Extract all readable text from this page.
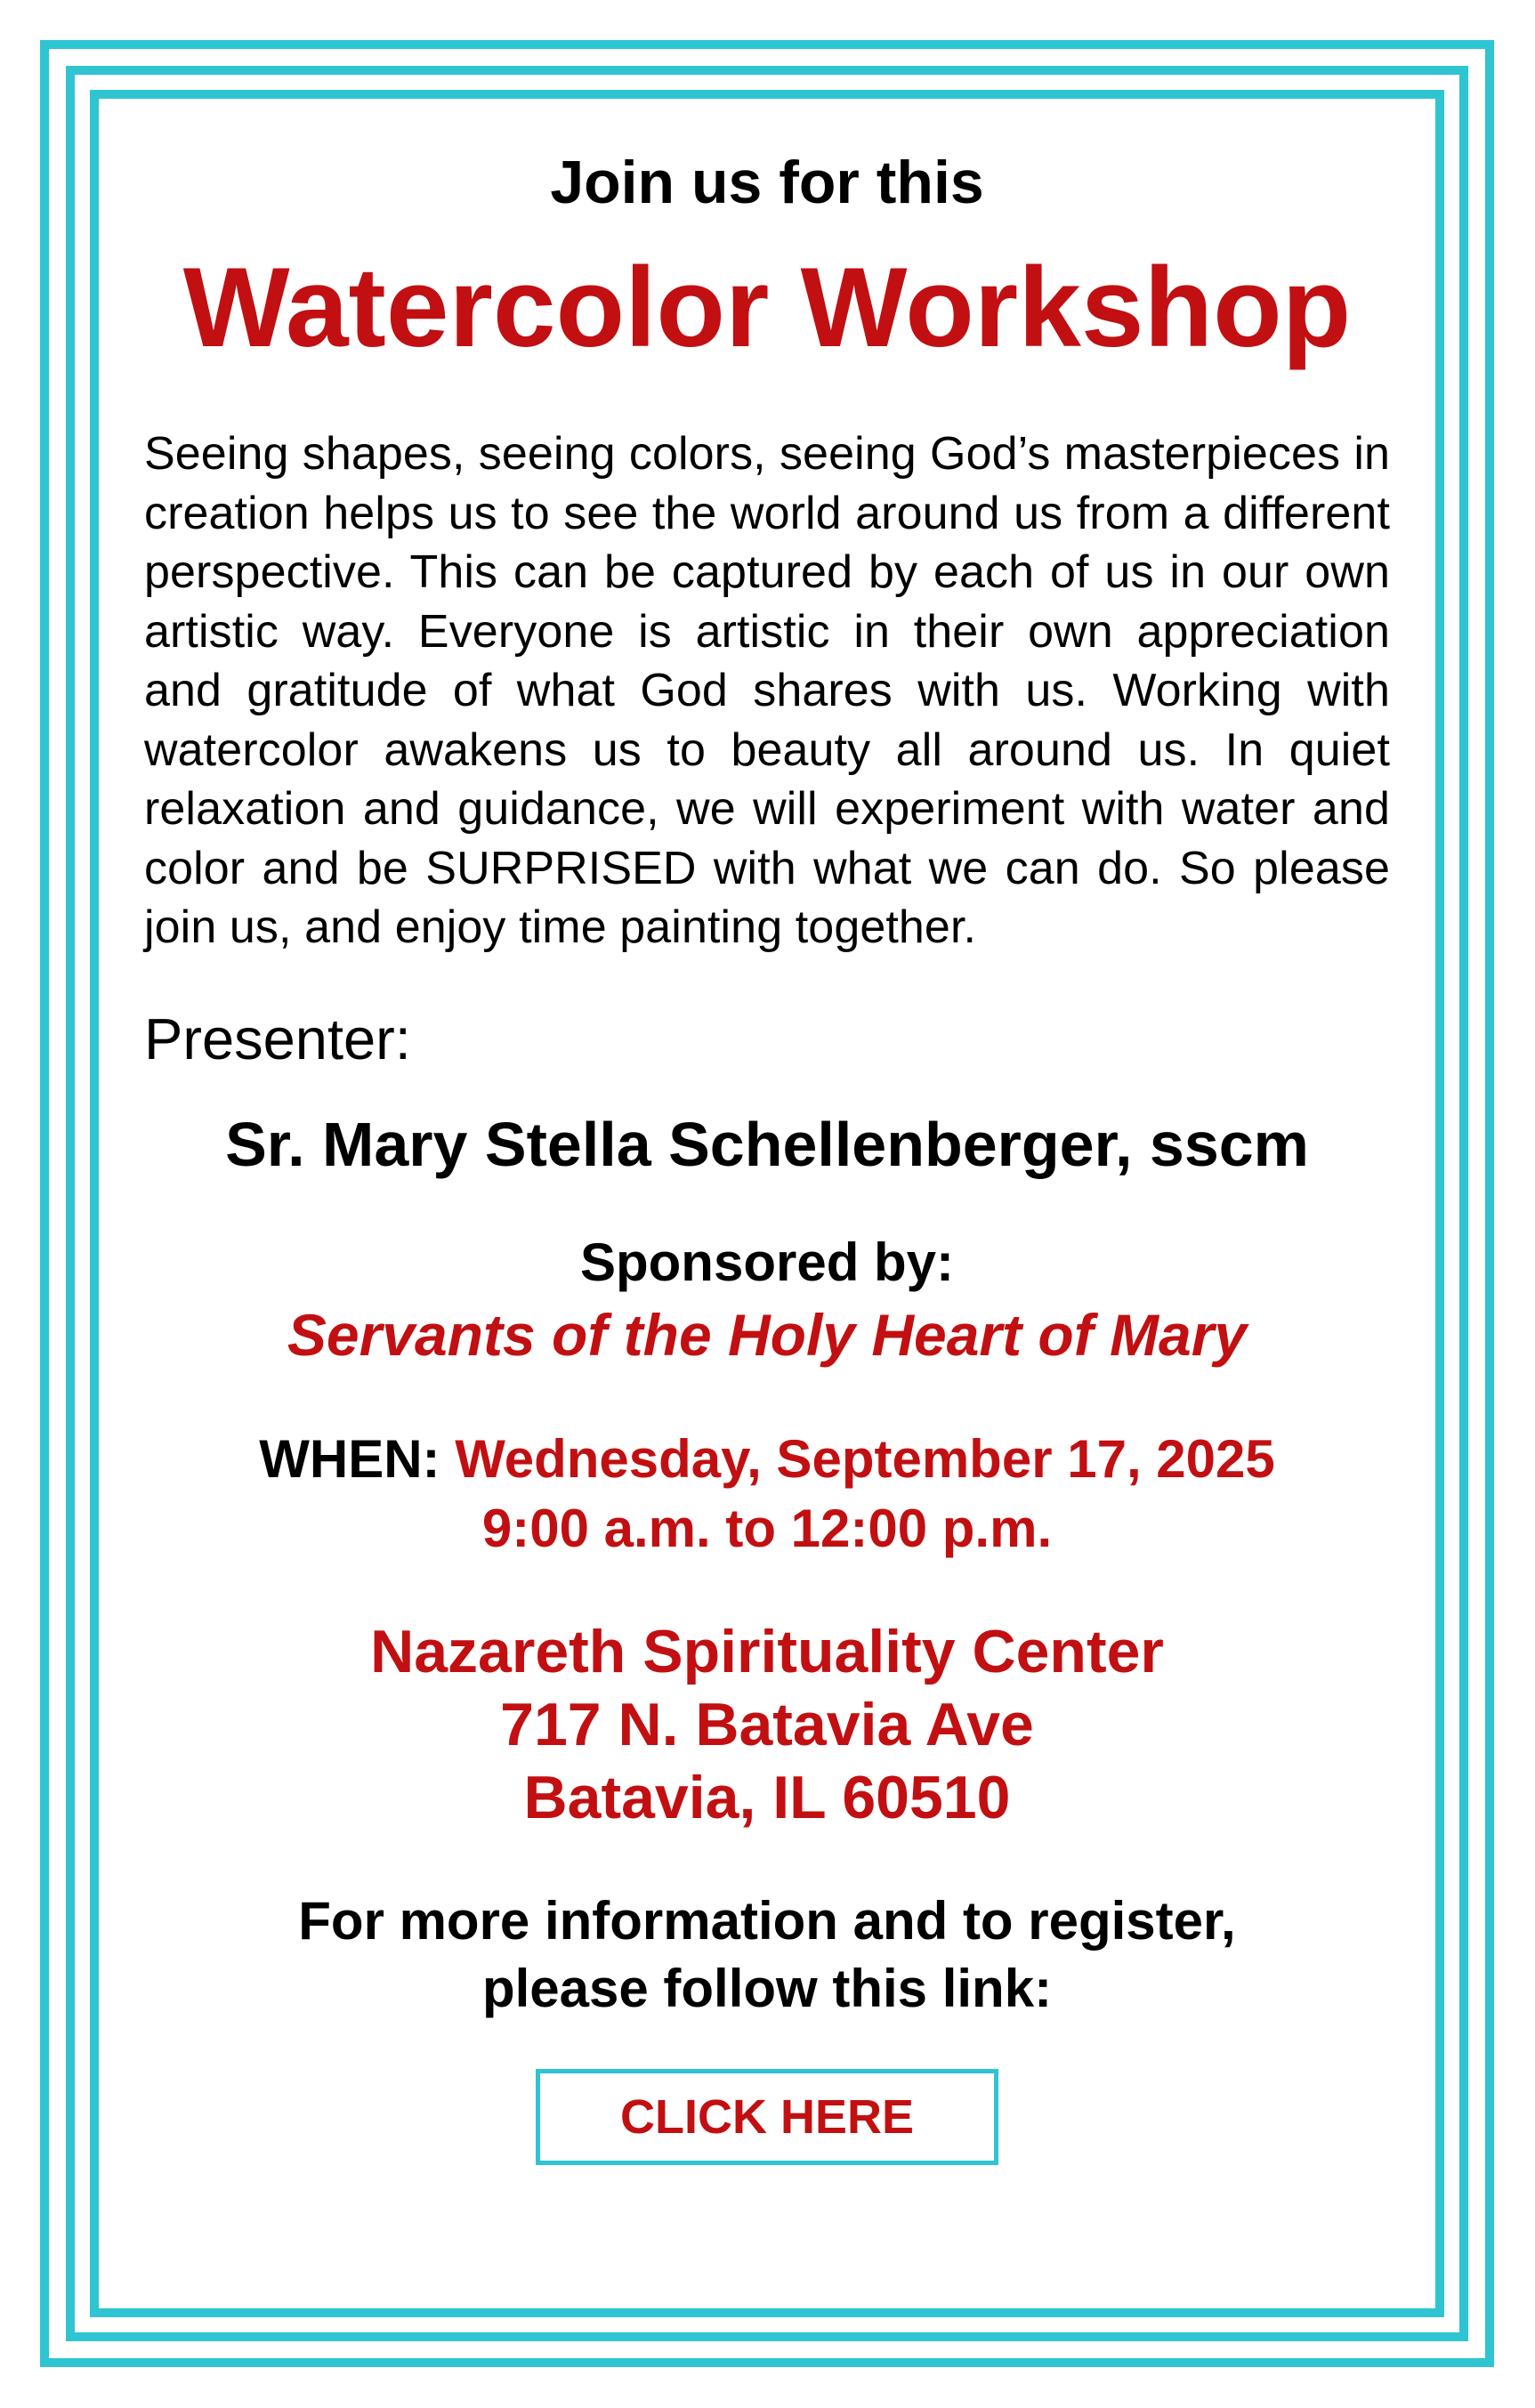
Join us for this

Watercolor Workshop

Seeing shapes, seeing colors, seeing God’s masterpieces in creation helps us to see the world around us from a different perspective. This can be captured by each of us in our own artistic way. Everyone is artistic in their own appreciation and gratitude of what God shares with us. Working with watercolor awakens us to beauty all around us. In quiet relaxation and guidance, we will experiment with water and color and be SURPRISED with what we can do. So please join us, and enjoy time painting together.

Presenter:

Sr. Mary Stella Schellenberger, sscm

Sponsored by:

Servants of the Holy Heart of Mary

WHEN: Wednesday, September 17, 2025
9:00 a.m. to 12:00 p.m.
Nazareth Spirituality Center
717 N. Batavia Ave
Batavia, IL 60510
For more information and to register,
please follow this link:
CLICK HERE
